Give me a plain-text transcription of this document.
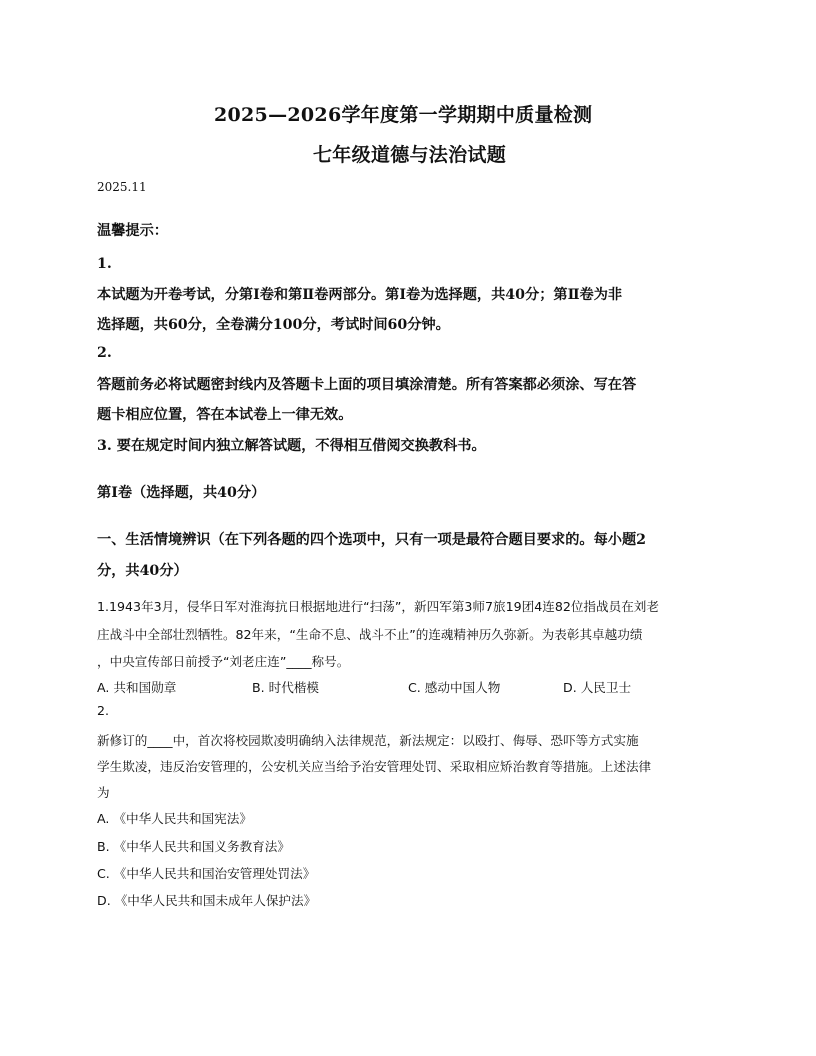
2025—2026学年度第一学期期中质量检测
七年级道德与法治试题
2025.11
温馨提示：
1.
本试题为开卷考试，分第Ⅰ卷和第Ⅱ卷两部分。第Ⅰ卷为选择题，共40分；第Ⅱ卷为非
选择题，共60分，全卷满分100分，考试时间60分钟。
2.
答题前务必将试题密封线内及答题卡上面的项目填涂清楚。所有答案都必须涂、写在答
题卡相应位置，答在本试卷上一律无效。
3. 要在规定时间内独立解答试题，不得相互借阅交换教科书。
第Ⅰ卷（选择题，共40分）
一、生活情境辨识（在下列各题的四个选项中，只有一项是最符合题目要求的。每小题2
分，共40分）
1.1943年3月，侵华日军对淮海抗日根据地进行“扫荡”，新四军第3师7旅19团4连82位指战员在刘老
庄战斗中全部壮烈牺牲。82年来，“生命不息、战斗不止”的连魂精神历久弥新。为表彰其卓越功绩
，中央宣传部日前授予“刘老庄连”____称号。
A. 共和国勋章	B. 时代楷模	C. 感动中国人物	D. 人民卫士
2.
新修订的____中，首次将校园欺凌明确纳入法律规范，新法规定：以殴打、侮辱、恐吓等方式实施
学生欺凌，违反治安管理的，公安机关应当给予治安管理处罚、采取相应矫治教育等措施。上述法律
为
A. 《中华人民共和国宪法》
B. 《中华人民共和国义务教育法》
C. 《中华人民共和国治安管理处罚法》
D. 《中华人民共和国未成年人保护法》
